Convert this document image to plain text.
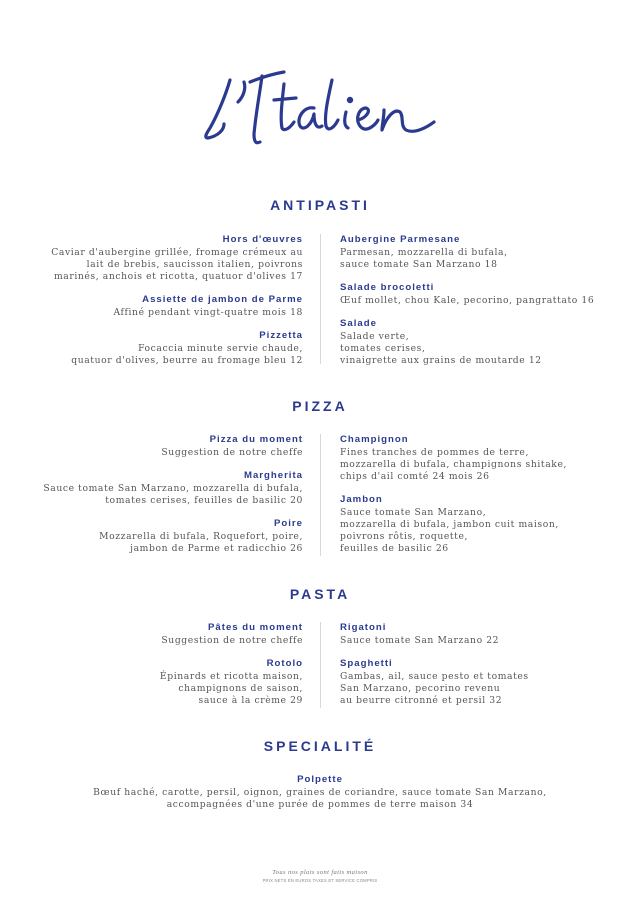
ANTIPASTI
Hors d'œuvres
Caviar d'aubergine grillée, fromage crémeux au
lait de brebis, saucisson italien, poivrons
marinés, anchois et ricotta, quatuor d'olives 17
Assiette de jambon de Parme
Affiné pendant vingt-quatre mois 18
Pizzetta
Focaccia minute servie chaude,
quatuor d'olives, beurre au fromage bleu 12
Aubergine Parmesane
Parmesan, mozzarella di bufala,
sauce tomate San Marzano 18
Salade brocoletti
Œuf mollet, chou Kale, pecorino, pangrattato 16
Salade
Salade verte,
tomates cerises,
vinaigrette aux grains de moutarde 12
PIZZA
Pizza du moment
Suggestion de notre cheffe
Margherita
Sauce tomate San Marzano, mozzarella di bufala,
tomates cerises, feuilles de basilic 20
Poire
Mozzarella di bufala, Roquefort, poire,
jambon de Parme et radicchio 26
Champignon
Fines tranches de pommes de terre,
mozzarella di bufala, champignons shitake,
chips d'ail comté 24 mois 26
Jambon
Sauce tomate San Marzano,
mozzarella di bufala, jambon cuit maison,
poivrons rôtis, roquette,
feuilles de basilic 26
PASTA
Pâtes du moment
Suggestion de notre cheffe
Rotolo
Épinards et ricotta maison,
champignons de saison,
sauce à la crème 29
Rigatoni
Sauce tomate San Marzano 22
Spaghetti
Gambas, ail, sauce pesto et tomates
San Marzano, pecorino revenu
au beurre citronné et persil 32
SPECIALITÉ
Polpette
Bœuf haché, carotte, persil, oignon, graines de coriandre, sauce tomate San Marzano,
accompagnées d'une purée de pommes de terre maison 34
Tous nos plats sont faits maison
PRIX NETS EN EUROS TAXES ET SERVICE COMPRIS
